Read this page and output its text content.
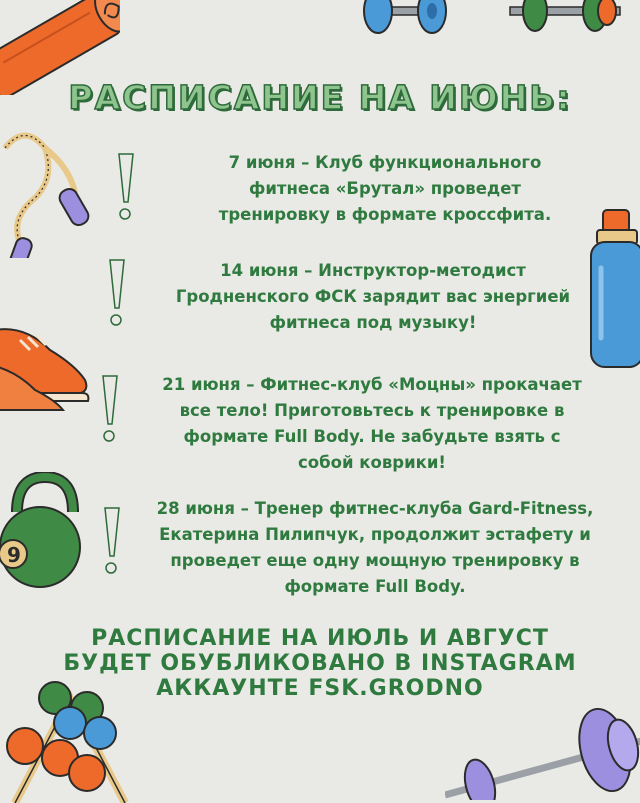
9
РАСПИСАНИЕ НА ИЮНЬ:
7 июня – Клуб функционального
фитнеса «Брутал» проведет
тренировку в формате кроссфита.
14 июня – Инструктор-методист
Гродненского ФСК зарядит вас энергией
фитнеса под музыку!
21 июня – Фитнес-клуб «Моцны» прокачает
все тело! Приготовьтесь к тренировке в
формате Full Body. Не забудьте взять с
собой коврики!
28 июня – Тренер фитнес-клуба Gard-Fitness,
Екатерина Пилипчук, продолжит эстафету и
проведет еще одну мощную тренировку в
формате Full Body.
РАСПИСАНИЕ НА ИЮЛЬ И АВГУСТ
БУДЕТ ОБУБЛИКОВАНО В INSTAGRAM
АККАУНТЕ FSK.GRODNO
